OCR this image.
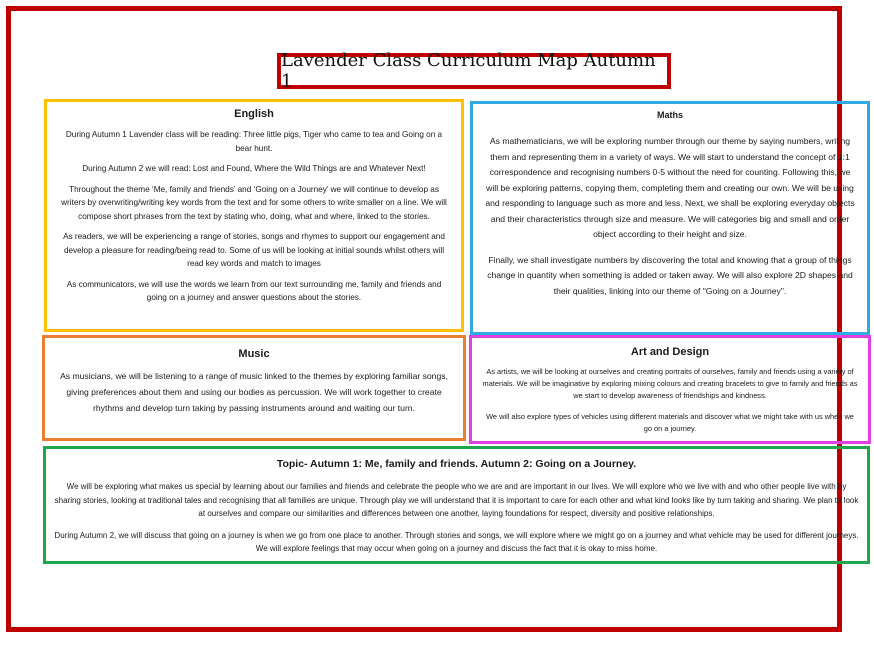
Lavender Class Curriculum Map Autumn 1
English

During Autumn 1 Lavender class will be reading: Three little pigs, Tiger who came to tea and Going on a bear hunt.

During Autumn 2 we will read: Lost and Found, Where the Wild Things are and Whatever Next!

Throughout the theme ‘Me, family and friends’ and ‘Going on a Journey’ we will continue to develop as writers by overwriting/writing key words from the text and for some others to write smaller on a line. We will compose short phrases from the text by stating who, doing, what and where, linked to the stories.

As readers, we will be experiencing a range of stories, songs and rhymes to support our engagement and develop a pleasure for reading/being read to. Some of us will be looking at initial sounds whilst others will read key words and match to images

As communicators, we will use the words we learn from our text surrounding me, family and friends and going on a journey and answer questions about the stories.

Maths

As mathematicians, we will be exploring number through our theme by saying numbers, writing them and representing them in a variety of ways. We will start to understand the concept of 1:1 correspondence and recognising numbers 0-5 without the need for counting. Following this, we will be exploring patterns, copying them, completing them and creating our own. We will be using and responding to language such as more and less. Next, we shall be exploring everyday objects and their characteristics through size and measure. We will categories big and small and order object according to their height and size.

Finally, we shall investigate numbers by discovering the total and knowing that a group of things change in quantity when something is added or taken away. We will also explore 2D shapes and their qualities, linking into our theme of "Going on a Journey".

Music

As musicians, we will be listening to a range of music linked to the themes by exploring familiar songs, giving preferences about them and using our bodies as percussion. We will work together to create rhythms and develop turn taking by passing instruments around and waiting our turn.

Art and Design

As artists, we will be looking at ourselves and creating portraits of ourselves, family and friends using a variety of materials. We will be imaginative by exploring mixing colours and creating bracelets to give to family and friends as we start to develop awareness of friendships and kindness.

We will also explore types of vehicles using different materials and discover what we might take with us when we go on a journey.

Topic- Autumn 1: Me, family and friends. Autumn 2: Going on a Journey.

We will be exploring what makes us special by learning about our families and friends and celebrate the people who we are and are important in our lives. We will explore who we live with and who other people live with by sharing stories, looking at traditional tales and recognising that all families are unique. Through play we will understand that it is important to care for each other and what kind looks like by turn taking and sharing. We plan to look at ourselves and compare our similarities and differences between one another, laying foundations for respect, diversity and positive relationships.

During Autumn 2, we will discuss that going on a journey is when we go from one place to another. Through stories and songs, we will explore where we might go on a journey and what vehicle may be used for different journeys. We will explore feelings that may occur when going on a journey and discuss the fact that it is okay to miss home.
